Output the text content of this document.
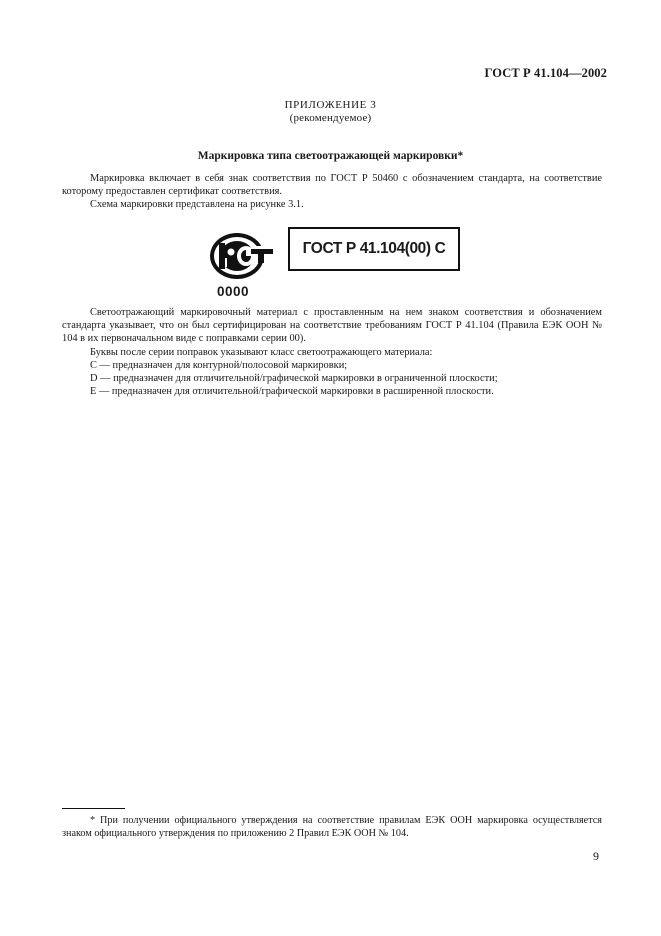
ГОСТ Р 41.104—2002
ПРИЛОЖЕНИЕ 3
(рекомендуемое)
Маркировка типа светоотражающей маркировки*

Маркировка включает в себя знак соответствия по ГОСТ Р 50460 с обозначением стандарта, на соответствие которому предоставлен сертификат соответствия.

Схема маркировки представлена на рисунке 3.1.

0000
ГОСТ Р 41.104(00) С

Светоотражающий маркировочный материал с проставленным на нем знаком соответствия и обозначением стандарта указывает, что он был сертифицирован на соответствие требованиям ГОСТ Р 41.104 (Правила ЕЭК ООН № 104 в их первоначальном виде с поправками серии 00).

Буквы после серии поправок указывают класс светоотражающего материала:

С — предназначен для контурной/полосовой маркировки;

D — предназначен для отличительной/графической маркировки в ограниченной плоскости;

E — предназначен для отличительной/графической маркировки в расширенной плоскости.

* При получении официального утверждения на соответствие правилам ЕЭК ООН маркировка осуществляется знаком официального утверждения по приложению 2 Правил ЕЭК ООН № 104.

9
